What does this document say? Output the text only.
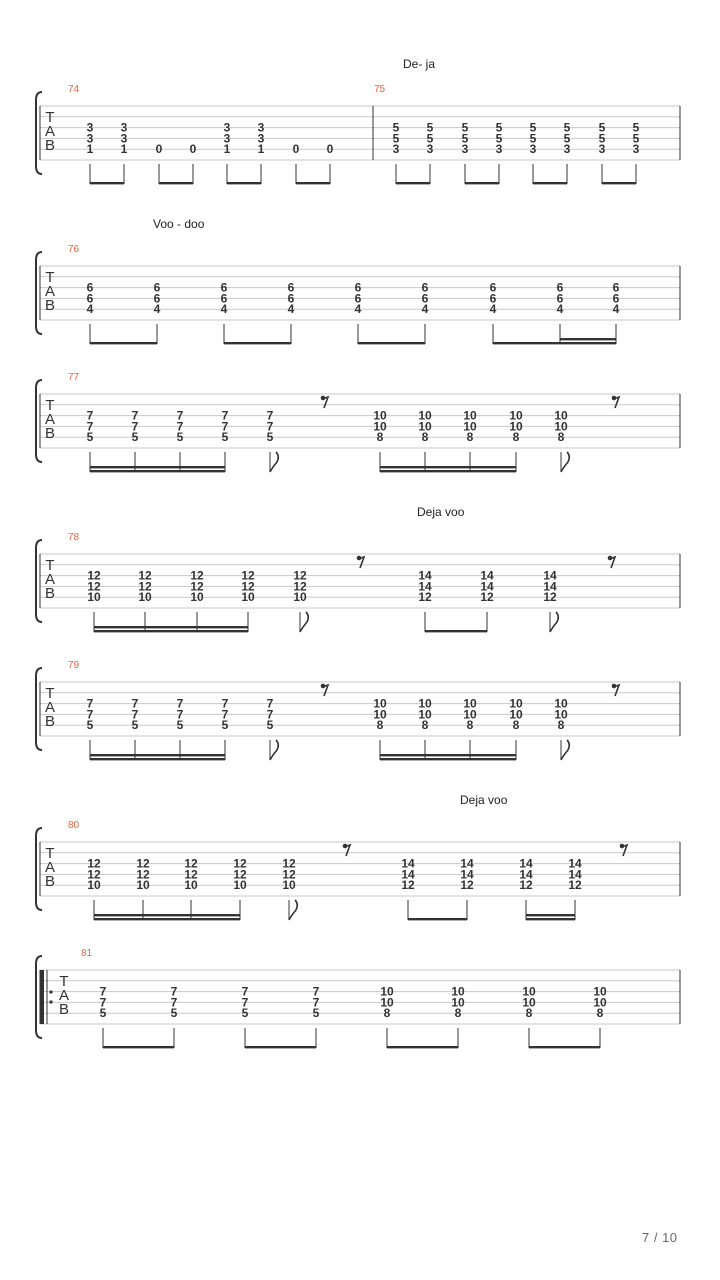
De- ja
Voo - doo
Deja voo
Deja voo
74	75
76
77
78
79
80
81
T
A
B
3
3
1
3
3
1 0 0
3
3
1
3
3
1 0 0
5
5
3
5
5
3
5
5
3
5
5
3
5
5
3
5
5
3
5
5
3
5
5
3
T
A
B
6
6
4
6
6
4
6
6
4
6
6
4
6
6
4
6
6
4
6
6
4
6
6
4
6
6
4
T
A
B
7
7
5
7
7
5
7
7
5
7
7
5
7
7
5
10
10
8
10
10
8
10
10
8
10
10
8
10
10
8
T
A
B
12
12
10
12
12
10
12
12
10
12
12
10
12
12
10
14
14
12
14
14
12
14
14
12
T
A
B
7
7
5
7
7
5
7
7
5
7
7
5
7
7
5
10
10
8
10
10
8
10
10
8
10
10
8
10
10
8
T
A
B
12
12
10
12
12
10
12
12
10
12
12
10
12
12
10
14
14
12
14
14
12
14
14
12
14
14
12
T
A
B
7
7
5
7
7
5
7
7
5
7
7
5
10
10
8
10
10
8
10
10
8
10
10
8
7 / 10
